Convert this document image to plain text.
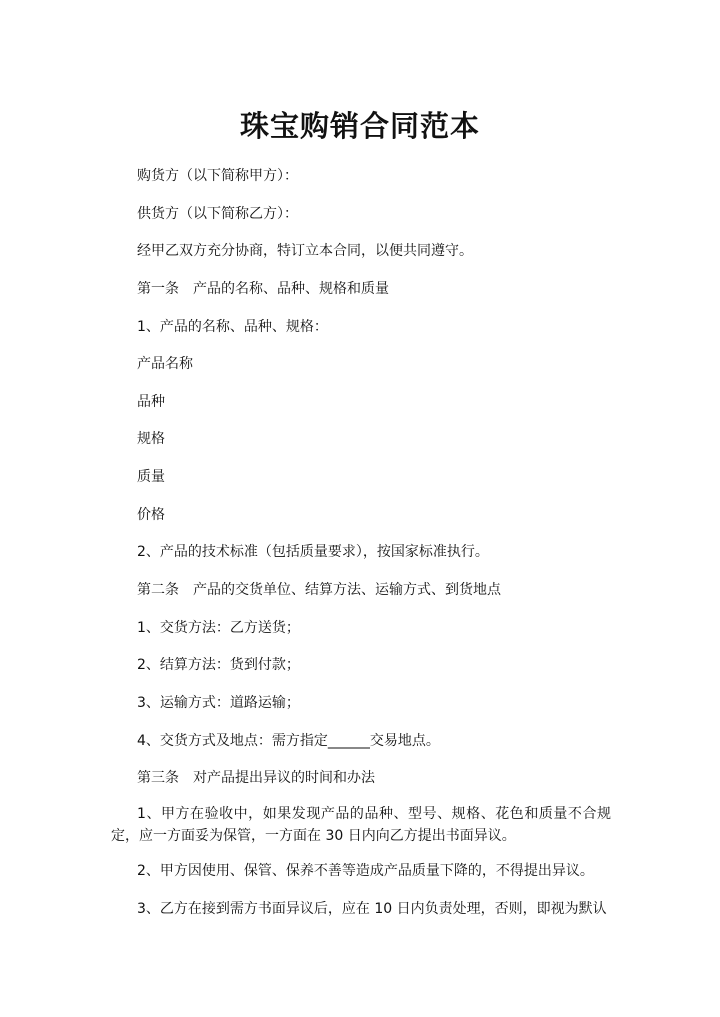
珠宝购销合同范本
购货方（以下简称甲方）：
供货方（以下简称乙方）：
经甲乙双方充分协商，特订立本合同，以便共同遵守。
第一条　产品的名称、品种、规格和质量
1、产品的名称、品种、规格：
产品名称
品种
规格
质量
价格
2、产品的技术标准（包括质量要求），按国家标准执行。
第二条　产品的交货单位、结算方法、运输方式、到货地点
1、交货方法：乙方送货；
2、结算方法：货到付款；
3、运输方式：道路运输；
4、交货方式及地点：需方指定______交易地点。
第三条　对产品提出异议的时间和办法
1、甲方在验收中，如果发现产品的品种、型号、规格、花色和质量不合规定，应一方面妥为保管，一方面在 30 日内向乙方提出书面异议。
2、甲方因使用、保管、保养不善等造成产品质量下降的，不得提出异议。
3、乙方在接到需方书面异议后，应在 10 日内负责处理，否则，即视为默认
